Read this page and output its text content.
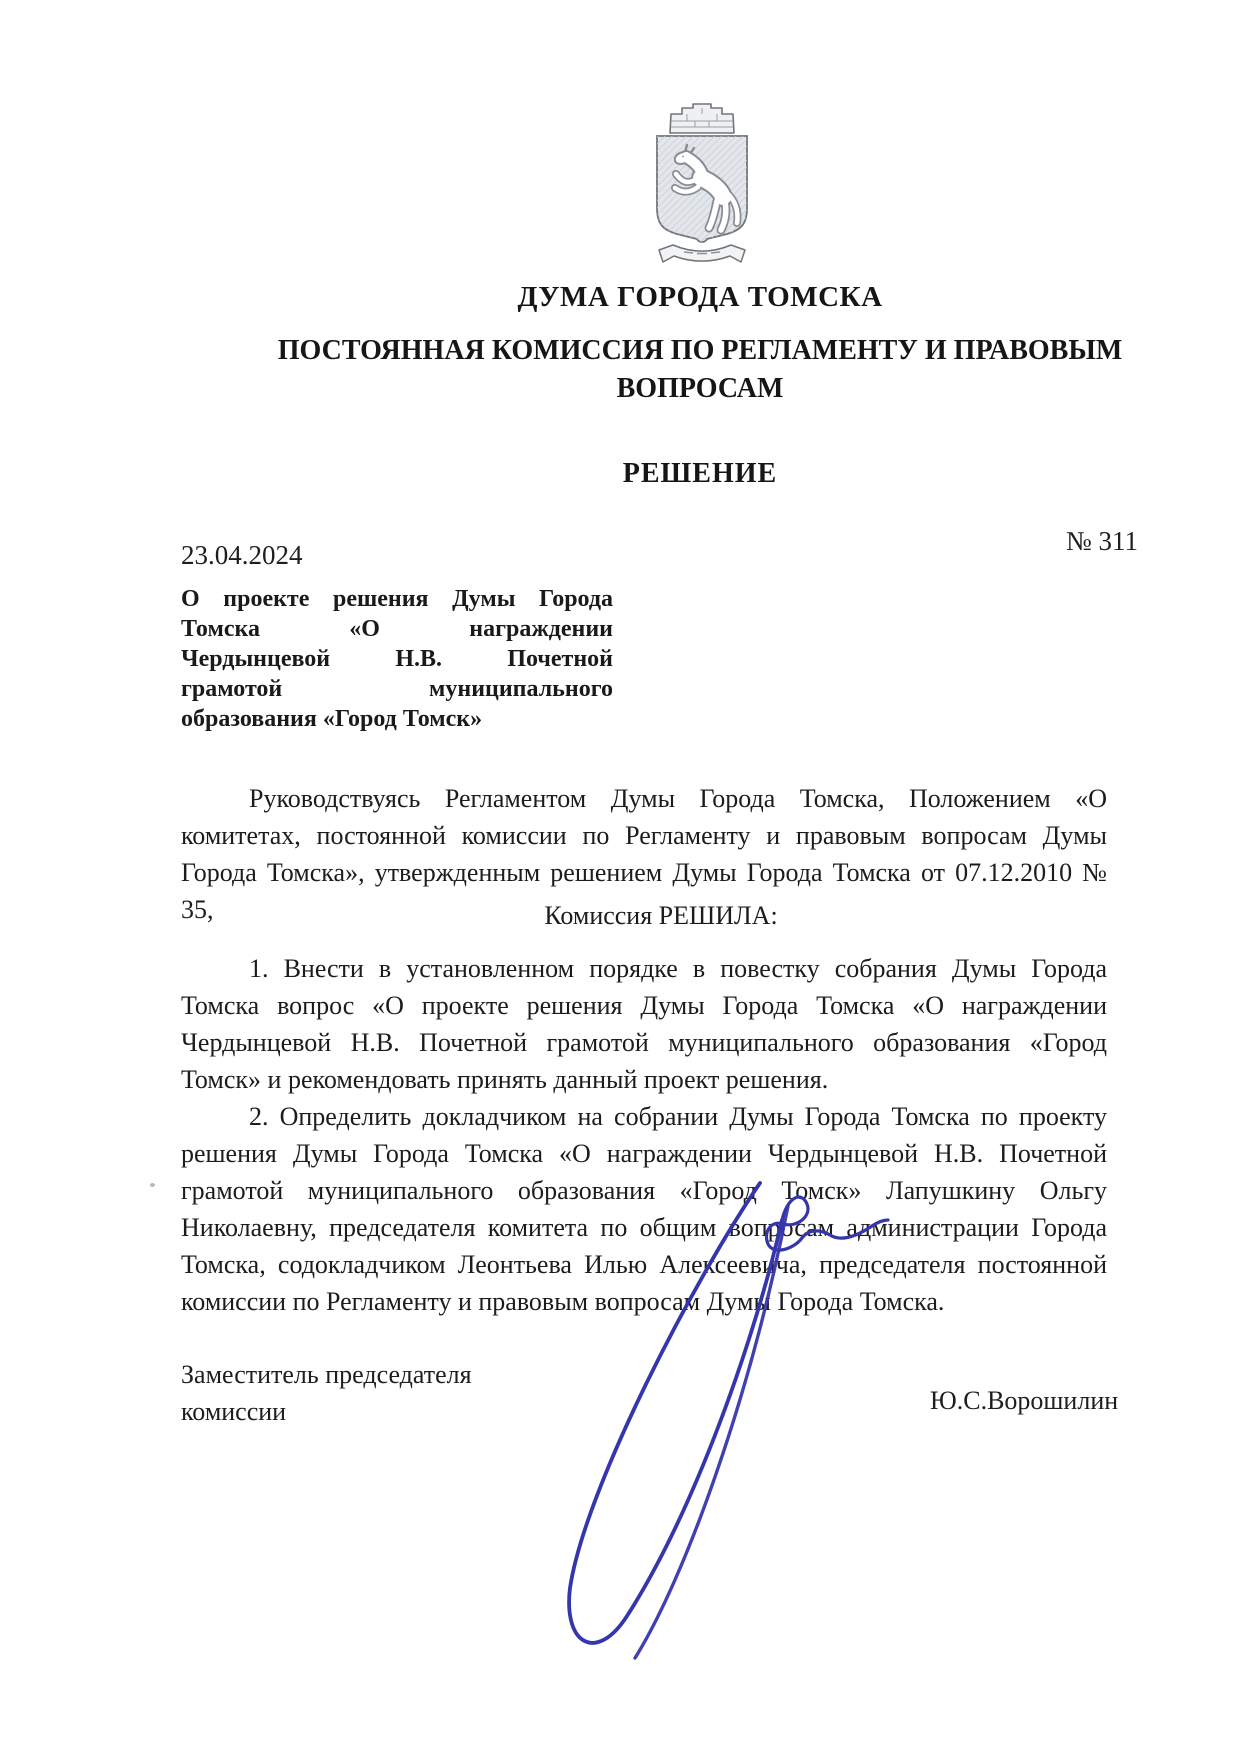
ДУМА ГОРОДА ТОМСКА
ПОСТОЯННАЯ КОМИССИЯ ПО РЕГЛАМЕНТУ И ПРАВОВЫМ
ВОПРОСАМ
РЕШЕНИЕ
23.04.2024	№ 311
О проекте решения Думы Города
Томска «О награждении
Чердынцевой Н.В. Почетной
грамотой муниципального
образования «Город Томск»
Руководствуясь Регламентом Думы Города Томска, Положением «О комитетах, постоянной комиссии по Регламенту и правовым вопросам Думы Города Томска», утвержденным решением Думы Города Томска от 07.12.2010 № 35,	Комиссия РЕШИЛА:

1. Внести в установленном порядке в повестку собрания Думы Города Томска вопрос «О проекте решения Думы Города Томска «О награждении Чердынцевой Н.В. Почетной грамотой муниципального образования «Город Томск» и рекомендовать принять данный проект решения.

2. Определить докладчиком на собрании Думы Города Томска по проекту решения Думы Города Томска «О награждении Чердынцевой Н.В. Почетной грамотой муниципального образования «Город Томск» Лапушкину Ольгу Николаевну, председателя комитета по общим вопросам администрации Города Томска, содокладчиком Леонтьева Илью Алексеевича, председателя постоянной комиссии по Регламенту и правовым вопросам Думы Города Томска.

Заместитель председателя
комиссии	Ю.С.Ворошилин
